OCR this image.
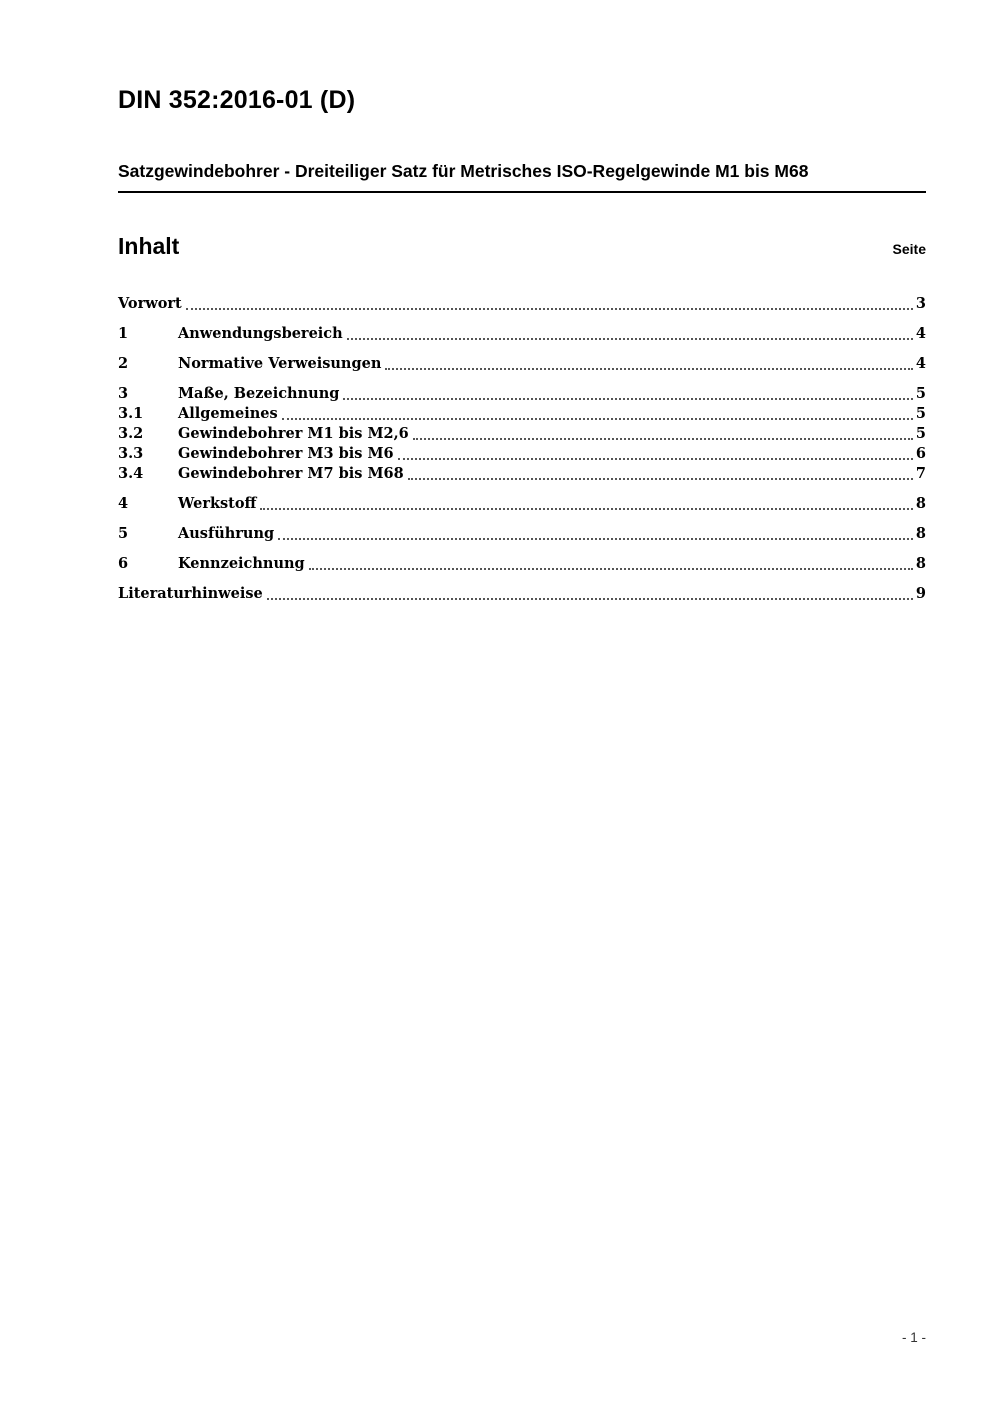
DIN 352:2016-01 (D)
Satzgewindebohrer - Dreiteiliger Satz für Metrisches ISO-Regelgewinde M1 bis M68
Inhalt	Seite
Vorwort	3
1	Anwendungsbereich	4
2	Normative Verweisungen	4
3	Maße, Bezeichnung	5
3.1	Allgemeines	5
3.2	Gewindebohrer M1 bis M2,6	5
3.3	Gewindebohrer M3 bis M6	6
3.4	Gewindebohrer M7 bis M68	7
4	Werkstoff	8
5	Ausführung	8
6	Kennzeichnung	8
Literaturhinweise	9
- 1 -
